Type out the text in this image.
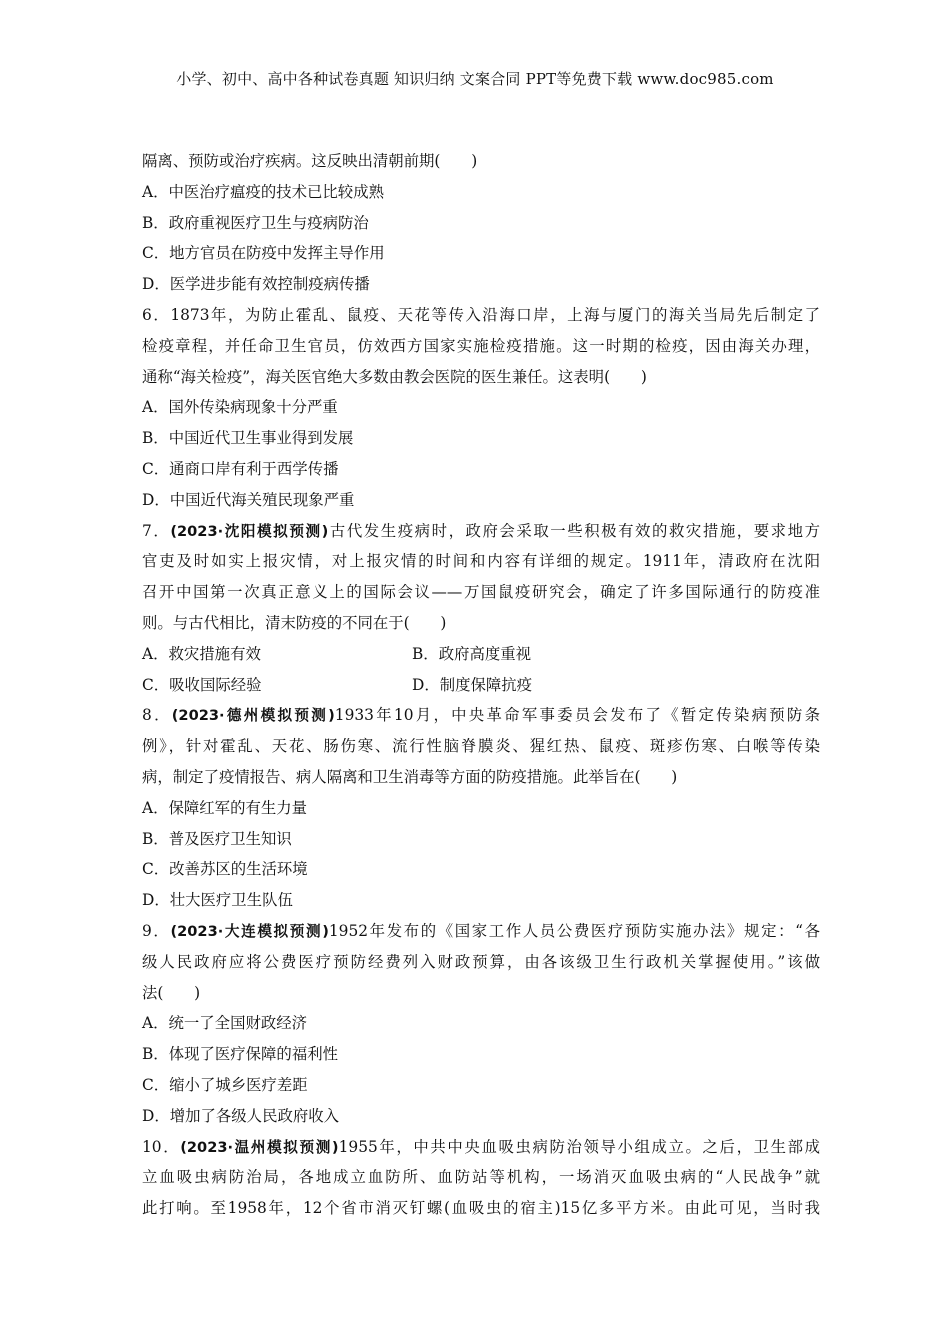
小学、初中、高中各种试卷真题 知识归纳 文案合同 PPT等免费下载 www.doc985.com
隔离、预防或治疗疾病。这反映出清朝前期(　　)
A．中医治疗瘟疫的技术已比较成熟
B．政府重视医疗卫生与疫病防治
C．地方官员在防疫中发挥主导作用
D．医学进步能有效控制疫病传播
6．1873年，为防止霍乱、鼠疫、天花等传入沿海口岸，上海与厦门的海关当局先后制定了
检疫章程，并任命卫生官员，仿效西方国家实施检疫措施。这一时期的检疫，因由海关办理，
通称“海关检疫”，海关医官绝大多数由教会医院的医生兼任。这表明(　　)
A．国外传染病现象十分严重
B．中国近代卫生事业得到发展
C．通商口岸有利于西学传播
D．中国近代海关殖民现象严重
7．(2023·沈阳模拟预测)古代发生疫病时，政府会采取一些积极有效的救灾措施，要求地方
官吏及时如实上报灾情，对上报灾情的时间和内容有详细的规定。1911年，清政府在沈阳
召开中国第一次真正意义上的国际会议——万国鼠疫研究会，确定了许多国际通行的防疫准
则。与古代相比，清末防疫的不同在于(　　)
A．救灾措施有效	B．政府高度重视
C．吸收国际经验	D．制度保障抗疫
8．(2023·德州模拟预测)1933年10月，中央革命军事委员会发布了《暂定传染病预防条
例》，针对霍乱、天花、肠伤寒、流行性脑脊膜炎、猩红热、鼠疫、斑疹伤寒、白喉等传染
病，制定了疫情报告、病人隔离和卫生消毒等方面的防疫措施。此举旨在(　　)
A．保障红军的有生力量
B．普及医疗卫生知识
C．改善苏区的生活环境
D．壮大医疗卫生队伍
9．(2023·大连模拟预测)1952年发布的《国家工作人员公费医疗预防实施办法》规定：“各
级人民政府应将公费医疗预防经费列入财政预算，由各该级卫生行政机关掌握使用。”该做
法(　　)
A．统一了全国财政经济
B．体现了医疗保障的福利性
C．缩小了城乡医疗差距
D．增加了各级人民政府收入
10．(2023·温州模拟预测)1955年，中共中央血吸虫病防治领导小组成立。之后，卫生部成
立血吸虫病防治局，各地成立血防所、血防站等机构，一场消灭血吸虫病的“人民战争”就
此打响。至1958年，12个省市消灭钉螺(血吸虫的宿主)15亿多平方米。由此可见，当时我
